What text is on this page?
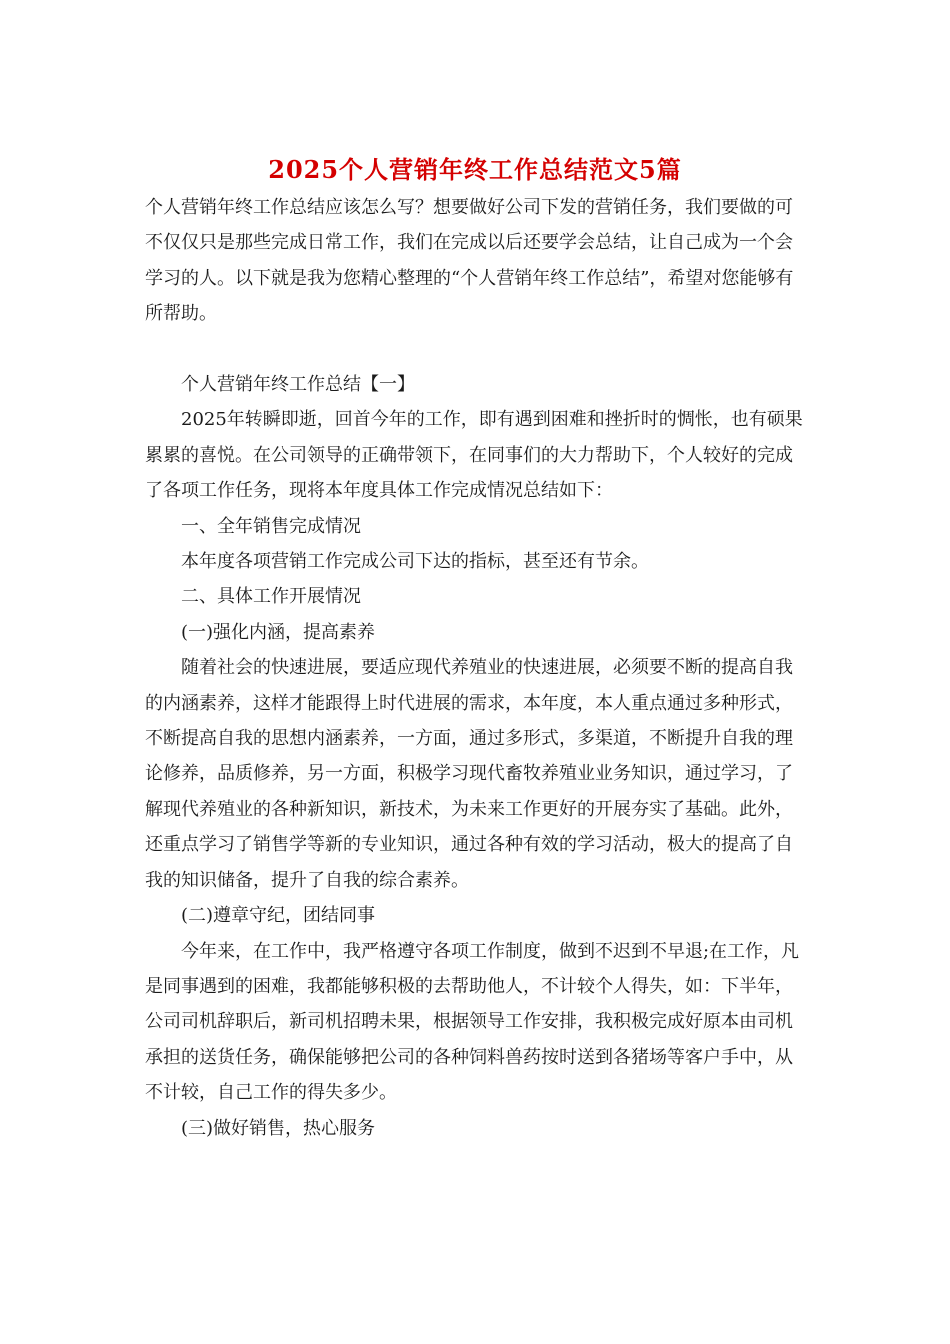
2025个人营销年终工作总结范文5篇

个人营销年终工作总结应该怎么写？想要做好公司下发的营销任务，我们要做的可不仅仅只是那些完成日常工作，我们在完成以后还要学会总结，让自己成为一个会学习的人。以下就是我为您精心整理的“个人营销年终工作总结”，希望对您能够有所帮助。

个人营销年终工作总结【一】

2025年转瞬即逝，回首今年的工作，即有遇到困难和挫折时的惆怅，也有硕果累累的喜悦。在公司领导的正确带领下，在同事们的大力帮助下，个人较好的完成了各项工作任务，现将本年度具体工作完成情况总结如下：

一、全年销售完成情况

本年度各项营销工作完成公司下达的指标，甚至还有节余。

二、具体工作开展情况

(一)强化内涵，提高素养

随着社会的快速进展，要适应现代养殖业的快速进展，必须要不断的提高自我的内涵素养，这样才能跟得上时代进展的需求，本年度，本人重点通过多种形式，不断提高自我的思想内涵素养，一方面，通过多形式，多渠道，不断提升自我的理论修养，品质修养，另一方面，积极学习现代畜牧养殖业业务知识，通过学习，了解现代养殖业的各种新知识，新技术，为未来工作更好的开展夯实了基础。此外，还重点学习了销售学等新的专业知识，通过各种有效的学习活动，极大的提高了自我的知识储备，提升了自我的综合素养。

(二)遵章守纪，团结同事

今年来，在工作中，我严格遵守各项工作制度，做到不迟到不早退;在工作，凡是同事遇到的困难，我都能够积极的去帮助他人，不计较个人得失，如：下半年，公司司机辞职后，新司机招聘未果，根据领导工作安排，我积极完成好原本由司机承担的送货任务，确保能够把公司的各种饲料兽药按时送到各猪场等客户手中，从不计较，自己工作的得失多少。

(三)做好销售，热心服务
